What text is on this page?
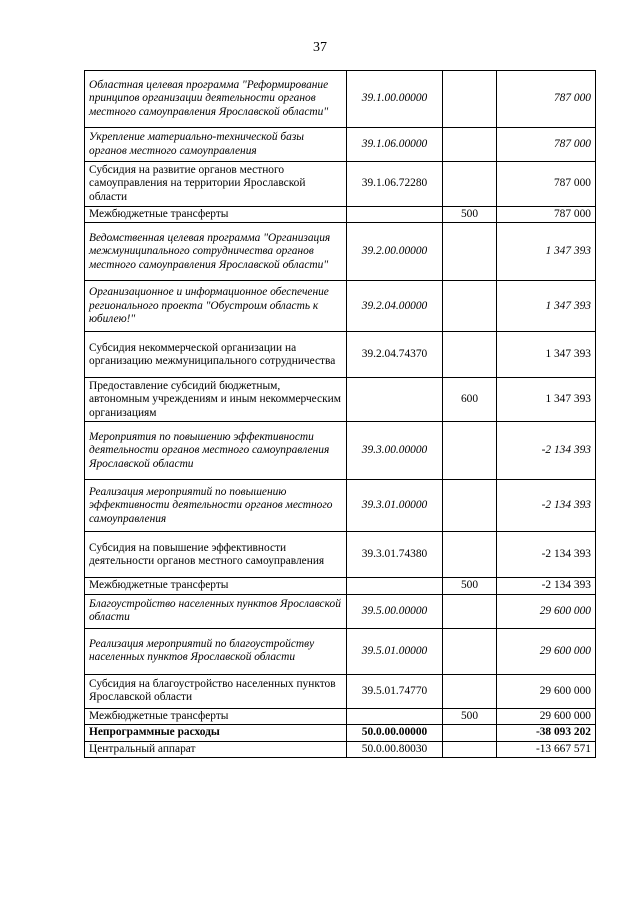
37
Областная целевая программа "Реформирование принципов организации деятельности органов местного самоуправления Ярославской области"	39.1.00.00000		787 000
Укрепление материально-технической базы органов местного самоуправления	39.1.06.00000		787 000
Субсидия на развитие органов местного самоуправления на территории Ярославской области	39.1.06.72280		787 000
Межбюджетные трансферты		500	787 000
Ведомственная целевая программа "Организация межмуниципального сотрудничества органов местного самоуправления Ярославской области"	39.2.00.00000		1 347 393
Организационное и информационное обеспечение регионального проекта "Обустроим область к юбилею!"	39.2.04.00000		1 347 393
Субсидия некоммерческой организации на организацию межмуниципального сотрудничества	39.2.04.74370		1 347 393
Предоставление субсидий бюджетным, автономным учреждениям и иным некоммерческим организациям		600	1 347 393
Мероприятия по повышению эффективности деятельности органов местного самоуправления Ярославской области	39.3.00.00000		-2 134 393
Реализация мероприятий по повышению эффективности деятельности органов местного самоуправления	39.3.01.00000		-2 134 393
Субсидия на повышение эффективности деятельности органов местного самоуправления	39.3.01.74380		-2 134 393
Межбюджетные трансферты		500	-2 134 393
Благоустройство населенных пунктов Ярославской области	39.5.00.00000		29 600 000
Реализация мероприятий по благоустройству населенных пунктов Ярославской области	39.5.01.00000		29 600 000
Субсидия на благоустройство населенных пунктов Ярославской области	39.5.01.74770		29 600 000
Межбюджетные трансферты		500	29 600 000
Непрограммные расходы	50.0.00.00000		-38 093 202
Центральный аппарат	50.0.00.80030		-13 667 571
